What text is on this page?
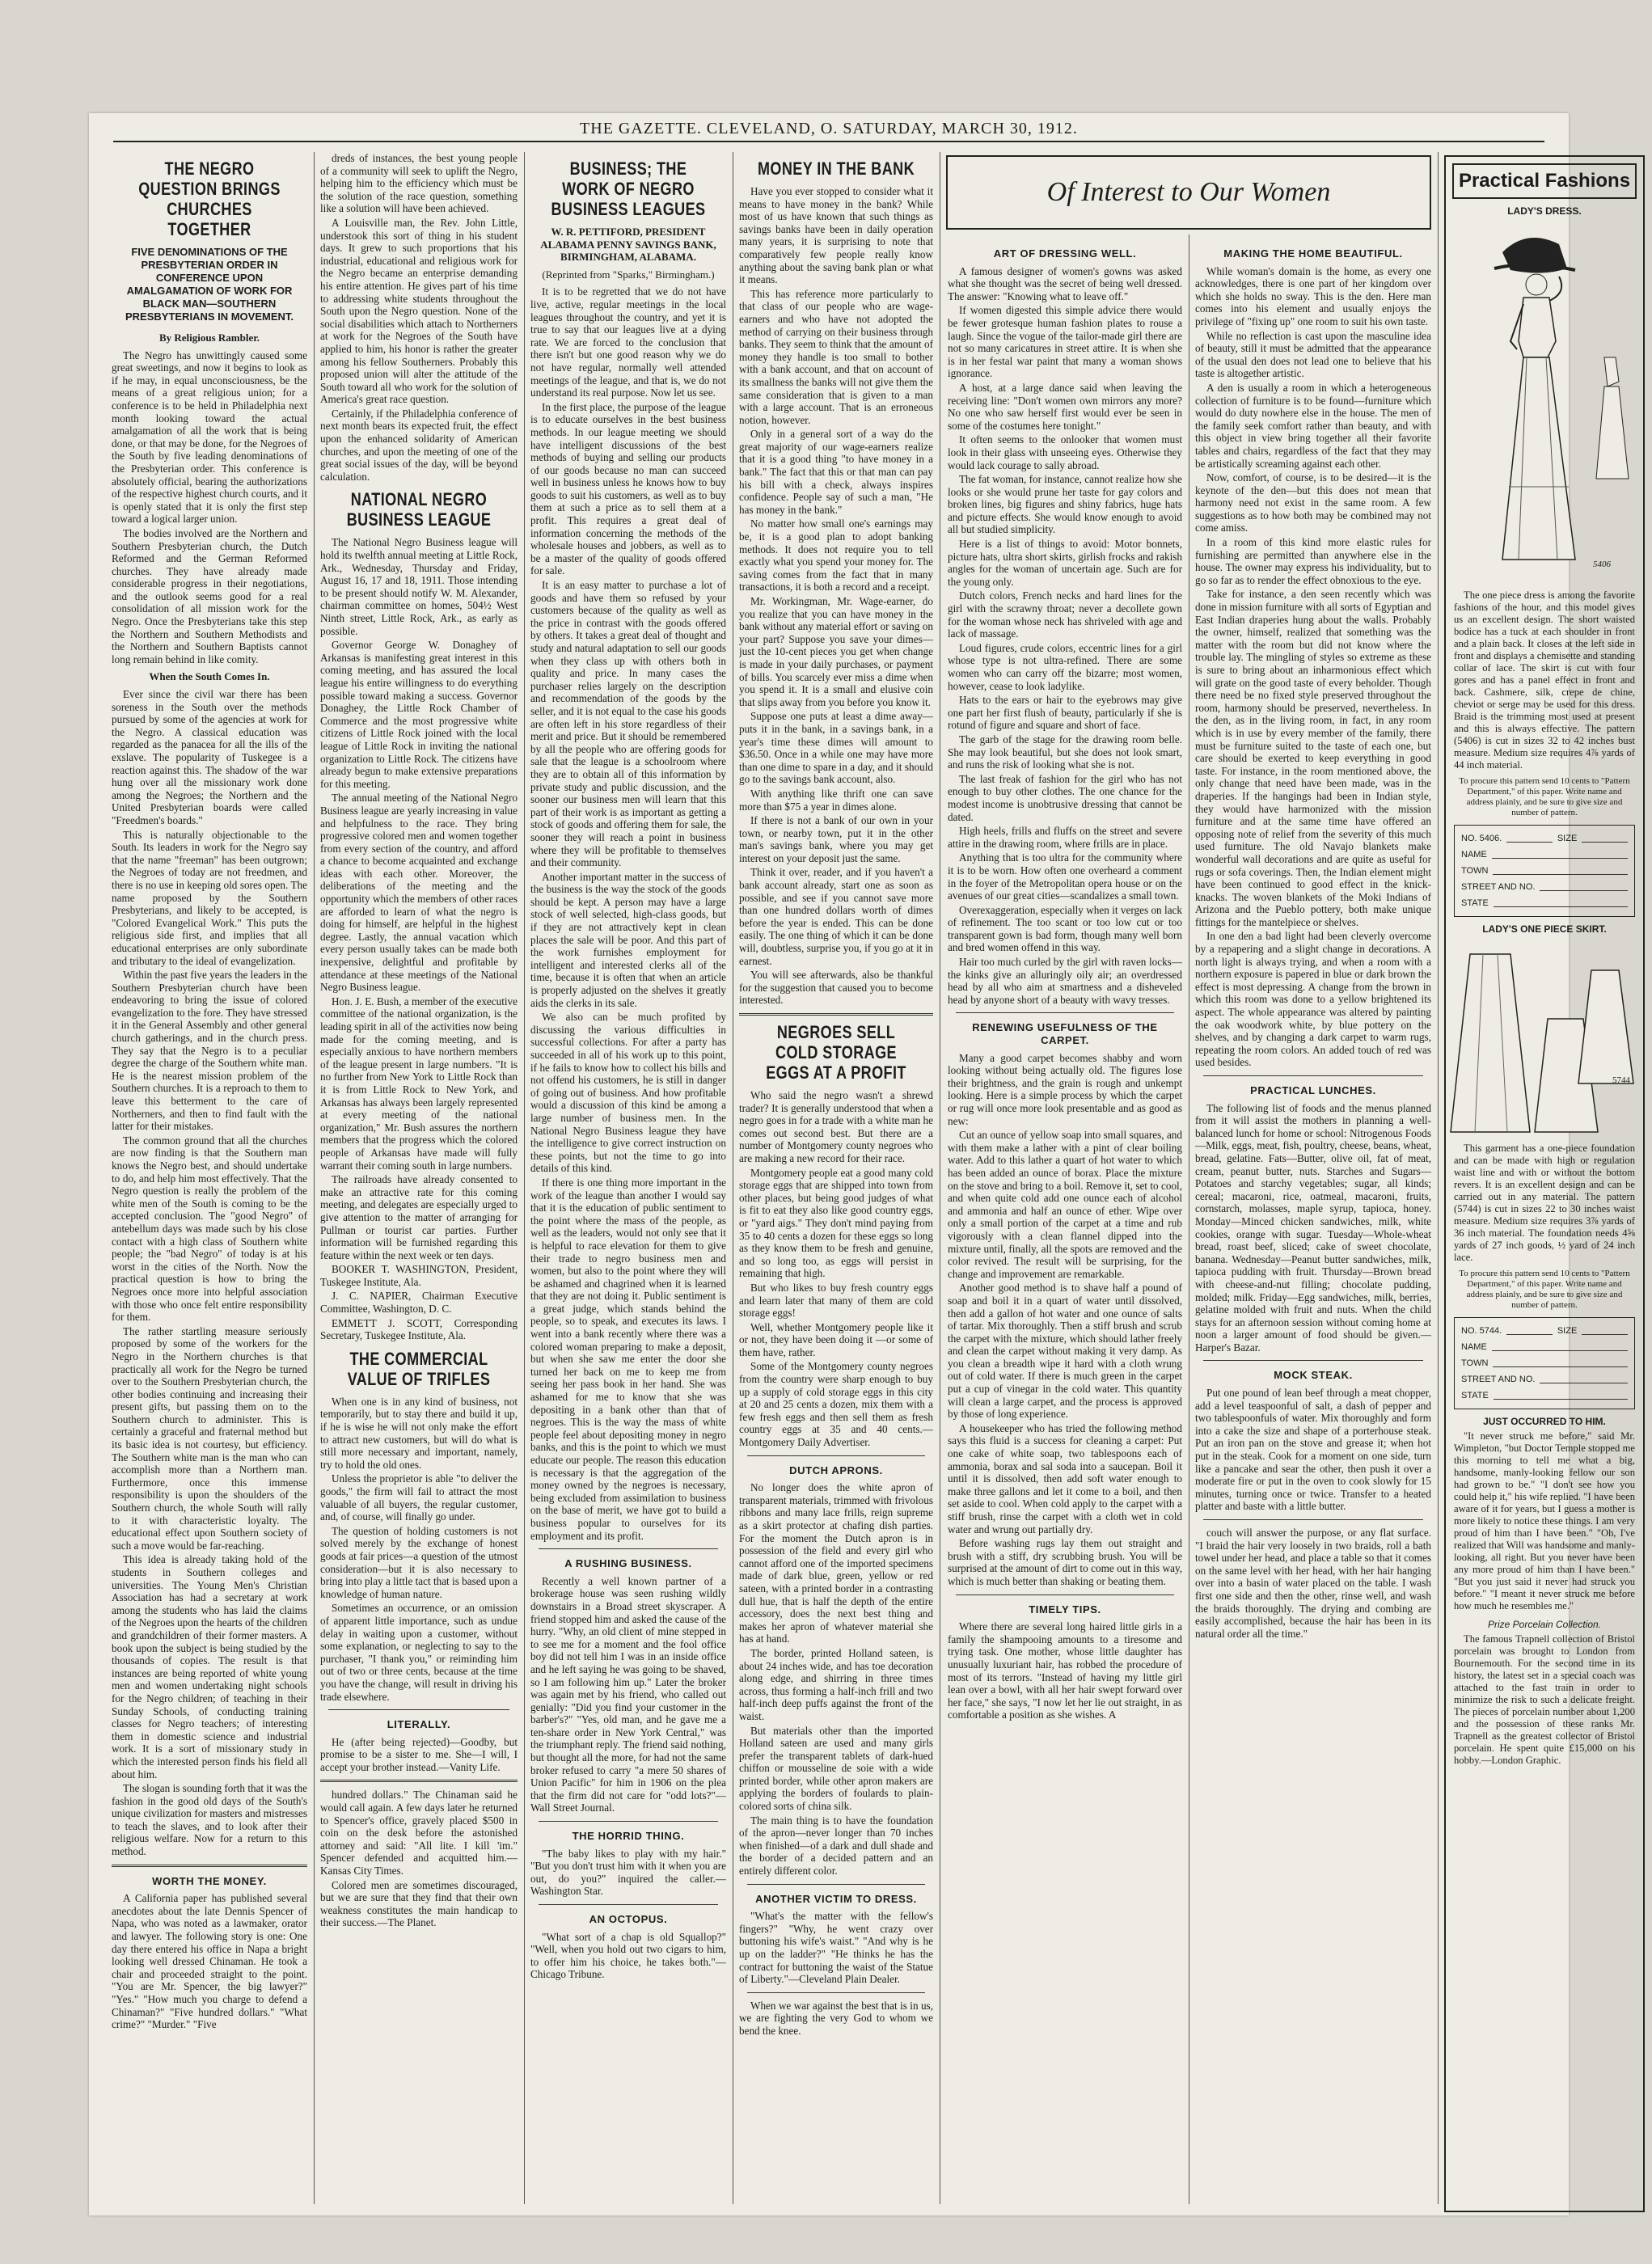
THE GAZETTE. CLEVELAND, O. SATURDAY, MARCH 30, 1912.
THE NEGRO QUESTION BRINGS CHURCHES TOGETHER
FIVE DENOMINATIONS OF THE PRESBYTERIAN ORDER IN CONFERENCE UPON AMALGAMATION OF WORK FOR BLACK MAN—SOUTHERN PRESBYTERIANS IN MOVEMENT.
By Religious Rambler.

The Negro has unwittingly caused some great sweetings, and now it begins to look as if he may, in equal unconsciousness, be the means of a great religious union; for a conference is to be held in Philadelphia next month looking toward the actual amalgamation of all the work that is being done, or that may be done, for the Negroes of the South by five leading denominations of the Presbyterian order. This conference is absolutely official, bearing the authorizations of the respective highest church courts, and it is openly stated that it is only the first step toward a logical larger union.

The bodies involved are the Northern and Southern Presbyterian church, the Dutch Reformed and the German Reformed churches. They have already made considerable progress in their negotiations, and the outlook seems good for a real consolidation of all mission work for the Negro. Once the Presbyterians take this step the Northern and Southern Methodists and the Northern and Southern Baptists cannot long remain behind in like comity.

When the South Comes In.

Ever since the civil war there has been soreness in the South over the methods pursued by some of the agencies at work for the Negro. A classical education was regarded as the panacea for all the ills of the exslave. The popularity of Tuskegee is a reaction against this. The shadow of the war hung over all the missionary work done among the Negroes; the Northern and the United Presbyterian boards were called "Freedmen's boards."

This is naturally objectionable to the South. Its leaders in work for the Negro say that the name "freeman" has been outgrown; the Negroes of today are not freedmen, and there is no use in keeping old sores open. The name proposed by the Southern Presbyterians, and likely to be accepted, is "Colored Evangelical Work." This puts the religious side first, and implies that all educational enterprises are only subordinate and tributary to the ideal of evangelization.

Within the past five years the leaders in the Southern Presbyterian church have been endeavoring to bring the issue of colored evangelization to the fore. They have stressed it in the General Assembly and other general church gatherings, and in the church press. They say that the Negro is to a peculiar degree the charge of the Southern white man. He is the nearest mission problem of the Southern churches. It is a reproach to them to leave this betterment to the care of Northerners, and then to find fault with the latter for their mistakes.

The common ground that all the churches are now finding is that the Southern man knows the Negro best, and should undertake to do, and help him most effectively. That the Negro question is really the problem of the white men of the South is coming to be the accepted conclusion. The "good Negro" of antebellum days was made such by his close contact with a high class of Southern white people; the "bad Negro" of today is at his worst in the cities of the North. Now the practical question is how to bring the Negroes once more into helpful association with those who once felt entire responsibility for them.

The rather startling measure seriously proposed by some of the workers for the Negro in the Northern churches is that practically all work for the Negro be turned over to the Southern Presbyterian church, the other bodies continuing and increasing their present gifts, but passing them on to the Southern church to administer. This is certainly a graceful and fraternal method but its basic idea is not courtesy, but efficiency. The Southern white man is the man who can accomplish more than a Northern man. Furthermore, once this immense responsibility is upon the shoulders of the Southern church, the whole South will rally to it with characteristic loyalty. The educational effect upon Southern society of such a move would be far-reaching.

This idea is already taking hold of the students in Southern colleges and universities. The Young Men's Christian Association has had a secretary at work among the students who has laid the claims of the Negroes upon the hearts of the children and grandchildren of their former masters. A book upon the subject is being studied by the thousands of copies. The result is that instances are being reported of white young men and women undertaking night schools for the Negro children; of teaching in their Sunday Schools, of conducting training classes for Negro teachers; of interesting them in domestic science and industrial work. It is a sort of missionary study in which the interested person finds his field all about him.

The slogan is sounding forth that it was the fashion in the good old days of the South's unique civilization for masters and mistresses to teach the slaves, and to look after their religious welfare. Now for a return to this method.

WORTH THE MONEY.

A California paper has published several anecdotes about the late Dennis Spencer of Napa, who was noted as a lawmaker, orator and lawyer. The following story is one: One day there entered his office in Napa a bright looking well dressed Chinaman. He took a chair and proceeded straight to the point. "You are Mr. Spencer, the big lawyer?" "Yes." "How much you charge to defend a Chinaman?" "Five hundred dollars." "What crime?" "Murder." "Five

dreds of instances, the best young people of a community will seek to uplift the Negro, helping him to the efficiency which must be the solution of the race question, something like a solution will have been achieved.

A Louisville man, the Rev. John Little, understook this sort of thing in his student days. It grew to such proportions that his industrial, educational and religious work for the Negro became an enterprise demanding his entire attention. He gives part of his time to addressing white students throughout the South upon the Negro question. None of the social disabilities which attach to Northerners at work for the Negroes of the South have applied to him, his honor is rather the greater among his fellow Southerners. Probably this proposed union will alter the attitude of the South toward all who work for the solution of America's great race question.

Certainly, if the Philadelphia conference of next month bears its expected fruit, the effect upon the enhanced solidarity of American churches, and upon the meeting of one of the great social issues of the day, will be beyond calculation.

NATIONAL NEGRO BUSINESS LEAGUE

The National Negro Business league will hold its twelfth annual meeting at Little Rock, Ark., Wednesday, Thursday and Friday, August 16, 17 and 18, 1911. Those intending to be present should notify W. M. Alexander, chairman committee on homes, 504½ West Ninth street, Little Rock, Ark., as early as possible.

Governor George W. Donaghey of Arkansas is manifesting great interest in this coming meeting, and has assured the local league his entire willingness to do everything possible toward making a success. Governor Donaghey, the Little Rock Chamber of Commerce and the most progressive white citizens of Little Rock joined with the local league of Little Rock in inviting the national organization to Little Rock. The citizens have already begun to make extensive preparations for this meeting.

The annual meeting of the National Negro Business league are yearly increasing in value and helpfulness to the race. They bring progressive colored men and women together from every section of the country, and afford a chance to become acquainted and exchange ideas with each other. Moreover, the deliberations of the meeting and the opportunity which the members of other races are afforded to learn of what the negro is doing for himself, are helpful in the highest degree. Lastly, the annual vacation which every person usually takes can be made both inexpensive, delightful and profitable by attendance at these meetings of the National Negro Business league.

Hon. J. E. Bush, a member of the executive committee of the national organization, is the leading spirit in all of the activities now being made for the coming meeting, and is especially anxious to have northern members of the league present in large numbers. "It is no further from New York to Little Rock than it is from Little Rock to New York, and Arkansas has always been largely represented at every meeting of the national organization," Mr. Bush assures the northern members that the progress which the colored people of Arkansas have made will fully warrant their coming south in large numbers.

The railroads have already consented to make an attractive rate for this coming meeting, and delegates are especially urged to give attention to the matter of arranging for Pullman or tourist car parties. Further information will be furnished regarding this feature within the next week or ten days.

BOOKER T. WASHINGTON, President, Tuskegee Institute, Ala.

J. C. NAPIER, Chairman Executive Committee, Washington, D. C.

EMMETT J. SCOTT, Corresponding Secretary, Tuskegee Institute, Ala.

THE COMMERCIAL VALUE OF TRIFLES

When one is in any kind of business, not temporarily, but to stay there and build it up, if he is wise he will not only make the effort to attract new customers, but will do what is still more necessary and important, namely, try to hold the old ones.

Unless the proprietor is able "to deliver the goods," the firm will fail to attract the most valuable of all buyers, the regular customer, and, of course, will finally go under.

The question of holding customers is not solved merely by the exchange of honest goods at fair prices—a question of the utmost consideration—but it is also necessary to bring into play a little tact that is based upon a knowledge of human nature.

Sometimes an occurrence, or an omission of apparent little importance, such as undue delay in waiting upon a customer, without some explanation, or neglecting to say to the purchaser, "I thank you," or reiminding him out of two or three cents, because at the time you have the change, will result in driving his trade elsewhere.

LITERALLY.

He (after being rejected)—Goodby, but promise to be a sister to me. She—I will, I accept your brother instead.—Vanity Life.

hundred dollars." The Chinaman said he would call again. A few days later he returned to Spencer's office, gravely placed $500 in coin on the desk before the astonished attorney and said: "All lite. I kill 'im." Spencer defended and acquitted him.—Kansas City Times.

Colored men are sometimes discouraged, but we are sure that they find that their own weakness constitutes the main handicap to their success.—The Planet.

BUSINESS; THE WORK OF NEGRO BUSINESS LEAGUES
W. R. PETTIFORD, PRESIDENT ALABAMA PENNY SAVINGS BANK, BIRMINGHAM, ALABAMA.
(Reprinted from "Sparks," Birmingham.)

It is to be regretted that we do not have live, active, regular meetings in the local leagues throughout the country, and yet it is true to say that our leagues live at a dying rate. We are forced to the conclusion that there isn't but one good reason why we do not have regular, normally well attended meetings of the league, and that is, we do not understand its real purpose. Now let us see.

In the first place, the purpose of the league is to educate ourselves in the best business methods. In our league meeting we should have intelligent discussions of the best methods of buying and selling our products of our goods because no man can succeed well in business unless he knows how to buy goods to suit his customers, as well as to buy them at such a price as to sell them at a profit. This requires a great deal of information concerning the methods of the wholesale houses and jobbers, as well as to be a master of the quality of goods offered for sale.

It is an easy matter to purchase a lot of goods and have them so refused by your customers because of the quality as well as the price in contrast with the goods offered by others. It takes a great deal of thought and study and natural adaptation to sell our goods when they class up with others both in quality and price. In many cases the purchaser relies largely on the description and recommendation of the goods by the seller, and it is not equal to the case his goods are often left in his store regardless of their merit and price. But it should be remembered by all the people who are offering goods for sale that the league is a schoolroom where they are to obtain all of this information by private study and public discussion, and the sooner our business men will learn that this part of their work is as important as getting a stock of goods and offering them for sale, the sooner they will reach a point in business where they will be profitable to themselves and their community.

Another important matter in the success of the business is the way the stock of the goods should be kept. A person may have a large stock of well selected, high-class goods, but if they are not attractively kept in clean places the sale will be poor. And this part of the work furnishes employment for intelligent and interested clerks all of the time, because it is often that when an article is properly adjusted on the shelves it greatly aids the clerks in its sale.

We also can be much profited by discussing the various difficulties in successful collections. For after a party has succeeded in all of his work up to this point, if he fails to know how to collect his bills and not offend his customers, he is still in danger of going out of business. And how profitable would a discussion of this kind be among a large number of business men. In the National Negro Business league they have the intelligence to give correct instruction on these points, but not the time to go into details of this kind.

If there is one thing more important in the work of the league than another I would say that it is the education of public sentiment to the point where the mass of the people, as well as the leaders, would not only see that it is helpful to race elevation for them to give their trade to negro business men and women, but also to the point where they will be ashamed and chagrined when it is learned that they are not doing it. Public sentiment is a great judge, which stands behind the people, so to speak, and executes its laws. I went into a bank recently where there was a colored woman preparing to make a deposit, but when she saw me enter the door she turned her back on me to keep me from seeing her pass book in her hand. She was ashamed for me to know that she was depositing in a bank other than that of negroes. This is the way the mass of white people feel about depositing money in negro banks, and this is the point to which we must educate our people. The reason this education is necessary is that the aggregation of the money owned by the negroes is necessary, being excluded from assimilation to business on the base of merit, we have got to build a business popular to ourselves for its employment and its profit.

A RUSHING BUSINESS.

Recently a well known partner of a brokerage house was seen rushing wildly downstairs in a Broad street skyscraper. A friend stopped him and asked the cause of the hurry. "Why, an old client of mine stepped in to see me for a moment and the fool office boy did not tell him I was in an inside office and he left saying he was going to be shaved, so I am following him up." Later the broker was again met by his friend, who called out genially: "Did you find your customer in the barber's?" "Yes, old man, and he gave me a ten-share order in New York Central," was the triumphant reply. The friend said nothing, but thought all the more, for had not the same broker refused to carry "a mere 50 shares of Union Pacific" for him in 1906 on the plea that the firm did not care for "odd lots?"—Wall Street Journal.

THE HORRID THING.

"The baby likes to play with my hair." "But you don't trust him with it when you are out, do you?" inquired the caller.—Washington Star.

AN OCTOPUS.

"What sort of a chap is old Squallop?" "Well, when you hold out two cigars to him, to offer him his choice, he takes both."—Chicago Tribune.

MONEY IN THE BANK

Have you ever stopped to consider what it means to have money in the bank? While most of us have known that such things as savings banks have been in daily operation many years, it is surprising to note that comparatively few people really know anything about the saving bank plan or what it means.

This has reference more particularly to that class of our people who are wage-earners and who have not adopted the method of carrying on their business through banks. They seem to think that the amount of money they handle is too small to bother with a bank account, and that on account of its smallness the banks will not give them the same consideration that is given to a man with a large account. That is an erroneous notion, however.

Only in a general sort of a way do the great majority of our wage-earners realize that it is a good thing "to have money in a bank." The fact that this or that man can pay his bill with a check, always inspires confidence. People say of such a man, "He has money in the bank."

No matter how small one's earnings may be, it is a good plan to adopt banking methods. It does not require you to tell exactly what you spend your money for. The saving comes from the fact that in many transactions, it is both a record and a receipt.

Mr. Workingman, Mr. Wage-earner, do you realize that you can have money in the bank without any material effort or saving on your part? Suppose you save your dimes—just the 10-cent pieces you get when change is made in your daily purchases, or payment of bills. You scarcely ever miss a dime when you spend it. It is a small and elusive coin that slips away from you before you know it.

Suppose one puts at least a dime away—puts it in the bank, in a savings bank, in a year's time these dimes will amount to $36.50. Once in a while one may have more than one dime to spare in a day, and it should go to the savings bank account, also.

With anything like thrift one can save more than $75 a year in dimes alone.

If there is not a bank of our own in your town, or nearby town, put it in the other man's savings bank, where you may get interest on your deposit just the same.

Think it over, reader, and if you haven't a bank account already, start one as soon as possible, and see if you cannot save more than one hundred dollars worth of dimes before the year is ended. This can be done easily. The one thing of which it can be done will, doubtless, surprise you, if you go at it in earnest.

You will see afterwards, also be thankful for the suggestion that caused you to become interested.

NEGROES SELL COLD STORAGE EGGS AT A PROFIT

Who said the negro wasn't a shrewd trader? It is generally understood that when a negro goes in for a trade with a white man he comes out second best. But there are a number of Montgomery county negroes who are making a new record for their race.

Montgomery people eat a good many cold storage eggs that are shipped into town from other places, but being good judges of what is fit to eat they also like good country eggs, or "yard aigs." They don't mind paying from 35 to 40 cents a dozen for these eggs so long as they know them to be fresh and genuine, and so long too, as eggs will persist in remaining that high.

But who likes to buy fresh country eggs and learn later that many of them are cold storage eggs!

Well, whether Montgomery people like it or not, they have been doing it —or some of them have, rather.

Some of the Montgomery county negroes from the country were sharp enough to buy up a supply of cold storage eggs in this city at 20 and 25 cents a dozen, mix them with a few fresh eggs and then sell them as fresh country eggs at 35 and 40 cents.—Montgomery Daily Advertiser.

DUTCH APRONS.

No longer does the white apron of transparent materials, trimmed with frivolous ribbons and many lace frills, reign supreme as a skirt protector at chafing dish parties. For the moment the Dutch apron is in possession of the field and every girl who cannot afford one of the imported specimens made of dark blue, green, yellow or red sateen, with a printed border in a contrasting dull hue, that is half the depth of the entire accessory, does the next best thing and makes her apron of whatever material she has at hand.

The border, printed Holland sateen, is about 24 inches wide, and has toe decoration along edge, and shirring in three times across, thus forming a half-inch frill and two half-inch deep puffs against the front of the waist.

But materials other than the imported Holland sateen are used and many girls prefer the transparent tablets of dark-hued chiffon or mousseline de soie with a wide printed border, while other apron makers are applying the borders of foulards to plain-colored sorts of china silk.

The main thing is to have the foundation of the apron—never longer than 70 inches when finished—of a dark and dull shade and the border of a decided pattern and an entirely different color.

ANOTHER VICTIM TO DRESS.

"What's the matter with the fellow's fingers?" "Why, he went crazy over buttoning his wife's waist." "And why is he up on the ladder?" "He thinks he has the contract for buttoning the waist of the Statue of Liberty."—Cleveland Plain Dealer.

When we war against the best that is in us, we are fighting the very God to whom we bend the knee.

Of Interest to Our Women
ART OF DRESSING WELL.

A famous designer of women's gowns was asked what she thought was the secret of being well dressed. The answer: "Knowing what to leave off."

If women digested this simple advice there would be fewer grotesque human fashion plates to rouse a laugh. Since the vogue of the tailor-made girl there are not so many caricatures in street attire. It is when she is in her festal war paint that many a woman shows ignorance.

A host, at a large dance said when leaving the receiving line: "Don't women own mirrors any more? No one who saw herself first would ever be seen in some of the costumes here tonight."

It often seems to the onlooker that women must look in their glass with unseeing eyes. Otherwise they would lack courage to sally abroad.

The fat woman, for instance, cannot realize how she looks or she would prune her taste for gay colors and broken lines, big figures and shiny fabrics, huge hats and picture effects. She would know enough to avoid all but studied simplicity.

Here is a list of things to avoid: Motor bonnets, picture hats, ultra short skirts, girlish frocks and rakish angles for the woman of uncertain age. Such are for the young only.

Dutch colors, French necks and hard lines for the girl with the scrawny throat; never a decollete gown for the woman whose neck has shriveled with age and lack of massage.

Loud figures, crude colors, eccentric lines for a girl whose type is not ultra-refined. There are some women who can carry off the bizarre; most women, however, cease to look ladylike.

Hats to the ears or hair to the eyebrows may give one part her first flush of beauty, particularly if she is rotund of figure and square and short of face.

The garb of the stage for the drawing room belle. She may look beautiful, but she does not look smart, and runs the risk of looking what she is not.

The last freak of fashion for the girl who has not enough to buy other clothes. The one chance for the modest income is unobtrusive dressing that cannot be dated.

High heels, frills and fluffs on the street and severe attire in the drawing room, where frills are in place.

Anything that is too ultra for the community where it is to be worn. How often one overheard a comment in the foyer of the Metropolitan opera house or on the avenues of our great cities—scandalizes a small town.

Overexaggeration, especially when it verges on lack of refinement. The too scant or too low cut or too transparent gown is bad form, though many well born and bred women offend in this way.

Hair too much curled by the girl with raven locks—the kinks give an alluringly oily air; an overdressed head by all who aim at smartness and a disheveled head by anyone short of a beauty with wavy tresses.

RENEWING USEFULNESS OF THE CARPET.

Many a good carpet becomes shabby and worn looking without being actually old. The figures lose their brightness, and the grain is rough and unkempt looking. Here is a simple process by which the carpet or rug will once more look presentable and as good as new:

Cut an ounce of yellow soap into small squares, and with them make a lather with a pint of clear boiling water. Add to this lather a quart of hot water to which has been added an ounce of borax. Place the mixture on the stove and bring to a boil. Remove it, set to cool, and when quite cold add one ounce each of alcohol and ammonia and half an ounce of ether. Wipe over only a small portion of the carpet at a time and rub vigorously with a clean flannel dipped into the mixture until, finally, all the spots are removed and the color revived. The result will be surprising, for the change and improvement are remarkable.

Another good method is to shave half a pound of soap and boil it in a quart of water until dissolved, then add a gallon of hot water and one ounce of salts of tartar. Mix thoroughly. Then a stiff brush and scrub the carpet with the mixture, which should lather freely and clean the carpet without making it very damp. As you clean a breadth wipe it hard with a cloth wrung out of cold water. If there is much green in the carpet put a cup of vinegar in the cold water. This quantity will clean a large carpet, and the process is approved by those of long experience.

A housekeeper who has tried the following method says this fluid is a success for cleaning a carpet: Put one cake of white soap, two tablespoons each of ammonia, borax and sal soda into a saucepan. Boil it until it is dissolved, then add soft water enough to make three gallons and let it come to a boil, and then set aside to cool. When cold apply to the carpet with a stiff brush, rinse the carpet with a cloth wet in cold water and wrung out partially dry.

Before washing rugs lay them out straight and brush with a stiff, dry scrubbing brush. You will be surprised at the amount of dirt to come out in this way, which is much better than shaking or beating them.

TIMELY TIPS.

Where there are several long haired little girls in a family the shampooing amounts to a tiresome and trying task. One mother, whose little daughter has unusually luxuriant hair, has robbed the procedure of most of its terrors. "Instead of having my little girl lean over a bowl, with all her hair swept forward over her face," she says, "I now let her lie out straight, in as comfortable a position as she wishes. A

MAKING THE HOME BEAUTIFUL.

While woman's domain is the home, as every one acknowledges, there is one part of her kingdom over which she holds no sway. This is the den. Here man comes into his element and usually enjoys the privilege of "fixing up" one room to suit his own taste.

While no reflection is cast upon the masculine idea of beauty, still it must be admitted that the appearance of the usual den does not lead one to believe that his taste is altogether artistic.

A den is usually a room in which a heterogeneous collection of furniture is to be found—furniture which would do duty nowhere else in the house. The men of the family seek comfort rather than beauty, and with this object in view bring together all their favorite tables and chairs, regardless of the fact that they may be artistically screaming against each other.

Now, comfort, of course, is to be desired—it is the keynote of the den—but this does not mean that harmony need not exist in the same room. A few suggestions as to how both may be combined may not come amiss.

In a room of this kind more elastic rules for furnishing are permitted than anywhere else in the house. The owner may express his individuality, but to go so far as to render the effect obnoxious to the eye.

Take for instance, a den seen recently which was done in mission furniture with all sorts of Egyptian and East Indian draperies hung about the walls. Probably the owner, himself, realized that something was the matter with the room but did not know where the trouble lay. The mingling of styles so extreme as these is sure to bring about an inharmonious effect which will grate on the good taste of every beholder. Though there need be no fixed style preserved throughout the room, harmony should be preserved, nevertheless. In the den, as in the living room, in fact, in any room which is in use by every member of the family, there must be furniture suited to the taste of each one, but care should be exerted to keep everything in good taste. For instance, in the room mentioned above, the only change that need have been made, was in the draperies. If the hangings had been in Indian style, they would have harmonized with the mission furniture and at the same time have offered an opposing note of relief from the severity of this much used furniture. The old Navajo blankets make wonderful wall decorations and are quite as useful for rugs or sofa coverings. Then, the Indian element might have been continued to good effect in the knick-knacks. The woven blankets of the Moki Indians of Arizona and the Pueblo pottery, both make unique fittings for the mantelpiece or shelves.

In one den a bad light had been cleverly overcome by a repapering and a slight change in decorations. A north light is always trying, and when a room with a northern exposure is papered in blue or dark brown the effect is most depressing. A change from the brown in which this room was done to a yellow brightened its aspect. The whole appearance was altered by painting the oak woodwork white, by blue pottery on the shelves, and by changing a dark carpet to warm rugs, repeating the room colors. An added touch of red was used besides.

PRACTICAL LUNCHES.

The following list of foods and the menus planned from it will assist the mothers in planning a well-balanced lunch for home or school: Nitrogenous Foods—Milk, eggs, meat, fish, poultry, cheese, beans, wheat, bread, gelatine. Fats—Butter, olive oil, fat of meat, cream, peanut butter, nuts. Starches and Sugars—Potatoes and starchy vegetables; sugar, all kinds; cereal; macaroni, rice, oatmeal, macaroni, fruits, cornstarch, molasses, maple syrup, tapioca, honey. Monday—Minced chicken sandwiches, milk, white cookies, orange with sugar. Tuesday—Whole-wheat bread, roast beef, sliced; cake of sweet chocolate, banana. Wednesday—Peanut butter sandwiches, milk, tapioca pudding with fruit. Thursday—Brown bread with cheese-and-nut filling; chocolate pudding, molded; milk. Friday—Egg sandwiches, milk, berries, gelatine molded with fruit and nuts. When the child stays for an afternoon session without coming home at noon a larger amount of food should be given.—Harper's Bazar.

MOCK STEAK.

Put one pound of lean beef through a meat chopper, add a level teaspoonful of salt, a dash of pepper and two tablespoonfuls of water. Mix thoroughly and form into a cake the size and shape of a porterhouse steak. Put an iron pan on the stove and grease it; when hot put in the steak. Cook for a moment on one side, turn like a pancake and sear the other, then push it over a moderate fire or put in the oven to cook slowly for 15 minutes, turning once or twice. Transfer to a heated platter and baste with a little butter.

couch will answer the purpose, or any flat surface. "I braid the hair very loosely in two braids, roll a bath towel under her head, and place a table so that it comes on the same level with her head, with her hair hanging over into a basin of water placed on the table. I wash first one side and then the other, rinse well, and wash the braids thoroughly. The drying and combing are easily accomplished, because the hair has been in its natural order all the time."

Practical Fashions
LADY'S DRESS.
5406

The one piece dress is among the favorite fashions of the hour, and this model gives us an excellent design. The short waisted bodice has a tuck at each shoulder in front and a plain back. It closes at the left side in front and displays a chemisette and standing collar of lace. The skirt is cut with four gores and has a panel effect in front and back. Cashmere, silk, crepe de chine, cheviot or serge may be used for this dress. Braid is the trimming most used at present and this is always effective. The pattern (5406) is cut in sizes 32 to 42 inches bust measure. Medium size requires 4⅞ yards of 44 inch material.

To procure this pattern send 10 cents to "Pattern Department," of this paper. Write name and address plainly, and be sure to give size and number of pattern.
NO. 5406.	SIZE
NAME
TOWN
STREET AND NO.
STATE
LADY'S ONE PIECE SKIRT.
5744

This garment has a one-piece foundation and can be made with high or regulation waist line and with or without the bottom revers. It is an excellent design and can be carried out in any material. The pattern (5744) is cut in sizes 22 to 30 inches waist measure. Medium size requires 3⅞ yards of 36 inch material. The foundation needs 4⅝ yards of 27 inch goods, ½ yard of 24 inch lace.

To procure this pattern send 10 cents to "Pattern Department," of this paper. Write name and address plainly, and be sure to give size and number of pattern.
NO. 5744.	SIZE
NAME
TOWN
STREET AND NO.
STATE
JUST OCCURRED TO HIM.

"It never struck me before," said Mr. Wimpleton, "but Doctor Temple stopped me this morning to tell me what a big, handsome, manly-looking fellow our son had grown to be." "I don't see how you could help it," his wife replied. "I have been aware of it for years, but I guess a mother is more likely to notice these things. I am very proud of him than I have been." "Oh, I've realized that Will was handsome and manly-looking, all right. But you never have been any more proud of him than I have been." "But you just said it never had struck you before." "I meant it never struck me before how much he resembles me."

Prize Porcelain Collection.

The famous Trapnell collection of Bristol porcelain was brought to London from Bournemouth. For the second time in its history, the latest set in a special coach was attached to the fast train in order to minimize the risk to such a delicate freight. The pieces of porcelain number about 1,200 and the possession of these ranks Mr. Trapnell as the greatest collector of Bristol porcelain. He spent quite £15,000 on his hobby.—London Graphic.
